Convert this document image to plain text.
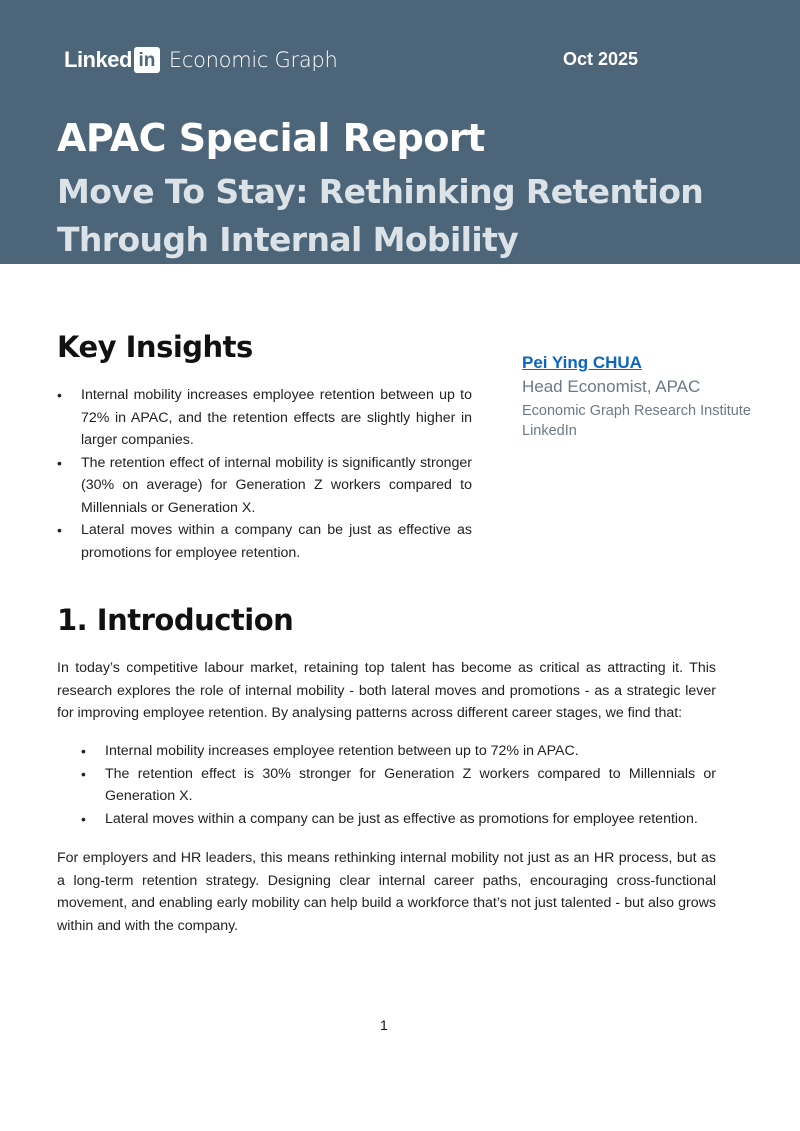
Linked in Economic Graph	Oct 2025
APAC Special Report
Move To Stay: Rethinking Retention Through Internal Mobility
Key Insights
• Internal mobility increases employee retention between up to 72% in APAC, and the retention effects are slightly higher in larger companies.
• The retention effect of internal mobility is significantly stronger (30% on average) for Generation Z workers compared to Millennials or Generation X.
• Lateral moves within a company can be just as effective as promotions for employee retention.
Pei Ying CHUA
Head Economist, APAC
Economic Graph Research Institute
LinkedIn
1. Introduction

In today’s competitive labour market, retaining top talent has become as critical as attracting it. This research explores the role of internal mobility - both lateral moves and promotions - as a strategic lever for improving employee retention. By analysing patterns across different career stages, we find that:

• Internal mobility increases employee retention between up to 72% in APAC.
• The retention effect is 30% stronger for Generation Z workers compared to Millennials or Generation X.
• Lateral moves within a company can be just as effective as promotions for employee retention.

For employers and HR leaders, this means rethinking internal mobility not just as an HR process, but as a long-term retention strategy. Designing clear internal career paths, encouraging cross-functional movement, and enabling early mobility can help build a workforce that’s not just talented - but also grows within and with the company.

1
